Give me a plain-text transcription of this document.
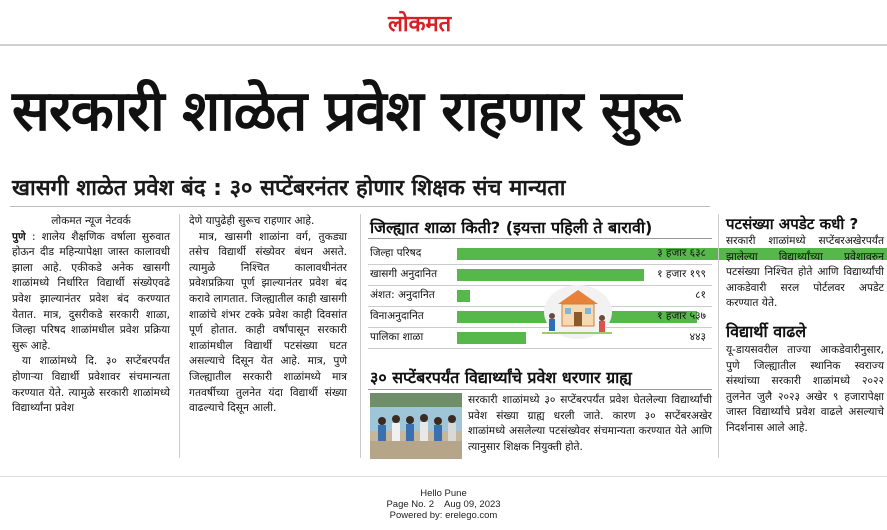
लोकमत
सरकारी शाळेत प्रवेश राहणार सुरू
खासगी शाळेत प्रवेश बंद : ३० सप्टेंबरनंतर होणार शिक्षक संच मान्यता
लोकमत न्यूज नेटवर्क
पुणे : शालेय शैक्षणिक वर्षाला सुरुवात होऊन दीड महिन्यापेक्षा जास्त कालावधी झाला आहे. एकीकडे अनेक खासगी शाळांमध्ये निर्धारित विद्यार्थी संख्येएवढे प्रवेश झाल्यानंतर प्रवेश बंद करण्यात येतात. मात्र, दुसरीकडे सरकारी शाळा, जिल्हा परिषद शाळांमधील प्रवेश प्रक्रिया सुरू आहे.
या शाळांमध्ये दि. ३० सप्टेंबरपर्यंत होणाऱ्या विद्यार्थी प्रवेशावर संचमान्यता करण्यात येते. त्यामुळे सरकारी शाळांमध्ये विद्यार्थ्यांना प्रवेश
देणे यापुढेही सुरूच राहणार आहे.
मात्र, खासगी शाळांना वर्ग, तुकड्या तसेच विद्यार्थी संख्येवर बंधन असते. त्यामुळे निश्चित कालावधीनंतर प्रवेशप्रक्रिया पूर्ण झाल्यानंतर प्रवेश बंद करावे लागतात. जिल्ह्यातील काही खासगी शाळांचे शंभर टक्के प्रवेश काही दिवसांत पूर्ण होतात. काही वर्षांपासून सरकारी शाळांमधील विद्यार्थी पटसंख्या घटत असल्याचे दिसून येत आहे. मात्र, पुणे जिल्ह्यातील सरकारी शाळांमध्ये मात्र गतवर्षीच्या तुलनेत यंदा विद्यार्थी संख्या वाढल्याचे दिसून आली.
जिल्ह्यात शाळा किती? (इयत्ता पहिली ते बारावी)
जिल्हा परिषद	३ हजार ६३८
खासगी अनुदानित	१ हजार १९९
अंशत: अनुदानित	८१
विनाअनुदानित	१ हजार ५३७
पालिका शाळा	४४३
३० सप्टेंबरपर्यंत विद्यार्थ्यांचे प्रवेश धरणार ग्राह्य
सरकारी शाळांमध्ये ३० सप्टेंबरपर्यंत प्रवेश घेतलेल्या विद्यार्थ्यांची प्रवेश संख्या ग्राह्य धरली जाते. कारण ३० सप्टेंबरअखेर शाळांमध्ये असलेल्या पटसंख्येवर संचमान्यता करण्यात येते आणि त्यानुसार शिक्षक नियुक्ती होते.
पटसंख्या अपडेट कधी ?
सरकारी शाळांमध्ये सप्टेंबरअखेरपर्यंत झालेल्या विद्यार्थ्यांच्या प्रवेशावरुन पटसंख्या निश्चित होते आणि विद्यार्थ्यांची आकडेवारी सरल पोर्टलवर अपडेट करण्यात येते.
विद्यार्थी वाढले
यू-डायसवरील ताज्या आकडेवारीनुसार, पुणे जिल्ह्यातील स्थानिक स्वराज्य संस्थांच्या सरकारी शाळांमध्ये २०२२ तुलनेत जुलै २०२३ अखेर ९ हजारापेक्षा जास्त विद्यार्थ्यांचे प्रवेश वाढले असल्याचे निदर्शनास आले आहे.
Hello Pune
Page No. 2    Aug 09, 2023
Powered by: erelego.com
